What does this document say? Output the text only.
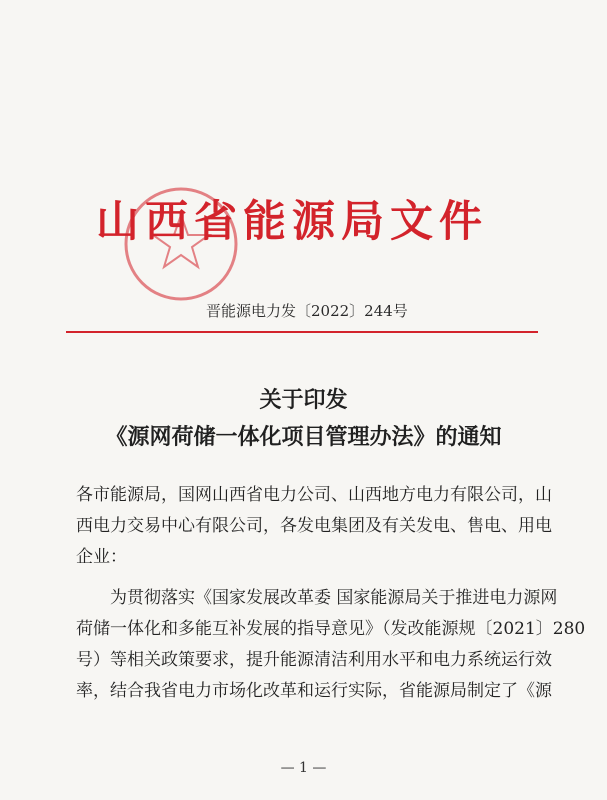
山西省能源局文件
晋能源电力发〔2022〕244号
关于印发
《源网荷储一体化项目管理办法》的通知
各市能源局，国网山西省电力公司、山西地方电力有限公司，山
西电力交易中心有限公司，各发电集团及有关发电、售电、用电
企业：
为贯彻落实《国家发展改革委 国家能源局关于推进电力源网
荷储一体化和多能互补发展的指导意见》（发改能源规〔2021〕280
号）等相关政策要求，提升能源清洁利用水平和电力系统运行效
率，结合我省电力市场化改革和运行实际，省能源局制定了《源
— 1 —
